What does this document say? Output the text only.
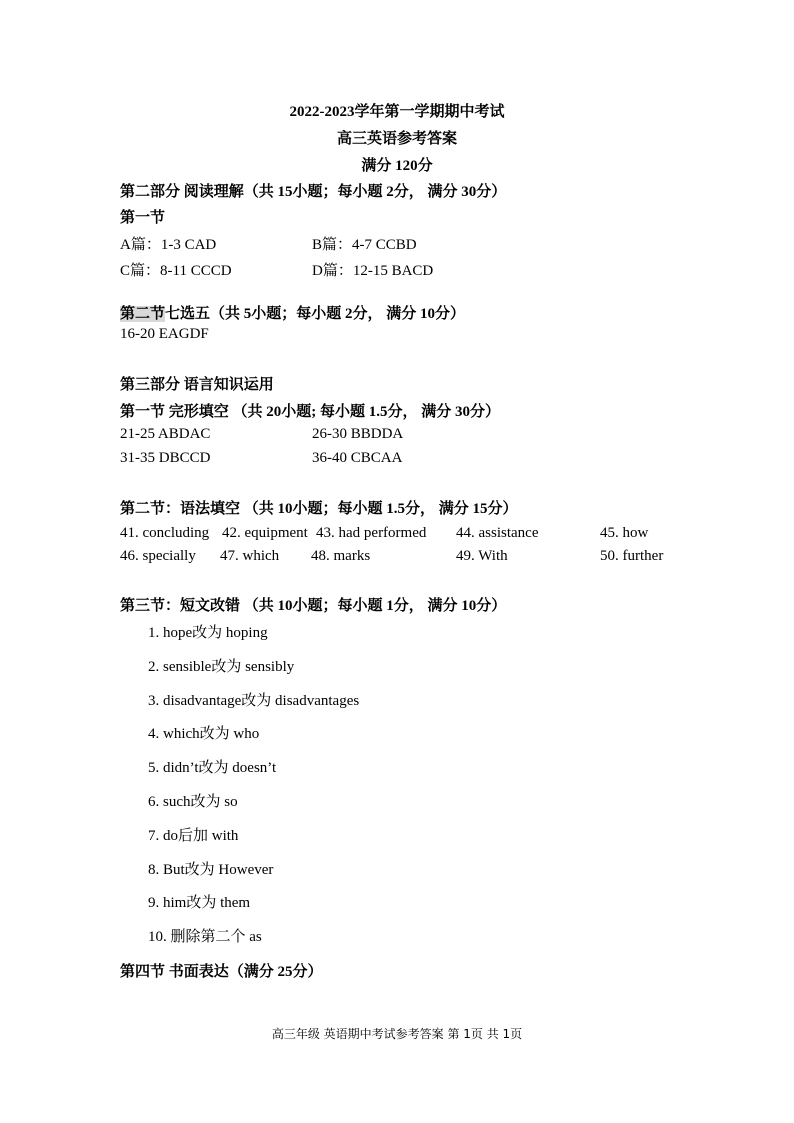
2022-2023学年第一学期期中考试
高三英语参考答案
满分 120分
第二部分 阅读理解（共 15小题；每小题 2分， 满分 30分）
第一节
A篇：1-3 CAD	B篇：4-7 CCBD
C篇：8-11 CCCD	D篇：12-15 BACD
第二节七选五（共 5小题；每小题 2分， 满分 10分）
16-20 EAGDF
第三部分 语言知识运用
第一节 完形填空 （共 20小题; 每小题 1.5分， 满分 30分）
21-25 ABDAC	26-30 BBDDA
31-35 DBCCD	36-40 CBCAA
第二节：语法填空 （共 10小题；每小题 1.5分， 满分 15分）
41. concluding 42. equipment 43. had performed 44. assistance	45. how
46. specially 47. which 48. marks	49. With	50. further
第三节：短文改错 （共 10小题；每小题 1分， 满分 10分）
1. hope改为 hoping
2. sensible改为 sensibly
3. disadvantage改为 disadvantages
4. which改为 who
5. didn’t改为 doesn’t
6. such改为 so
7. do后加 with
8. But改为 However
9. him改为 them
10. 删除第二个 as
第四节 书面表达（满分 25分）
高三年级 英语期中考试参考答案 第 1页 共 1页
